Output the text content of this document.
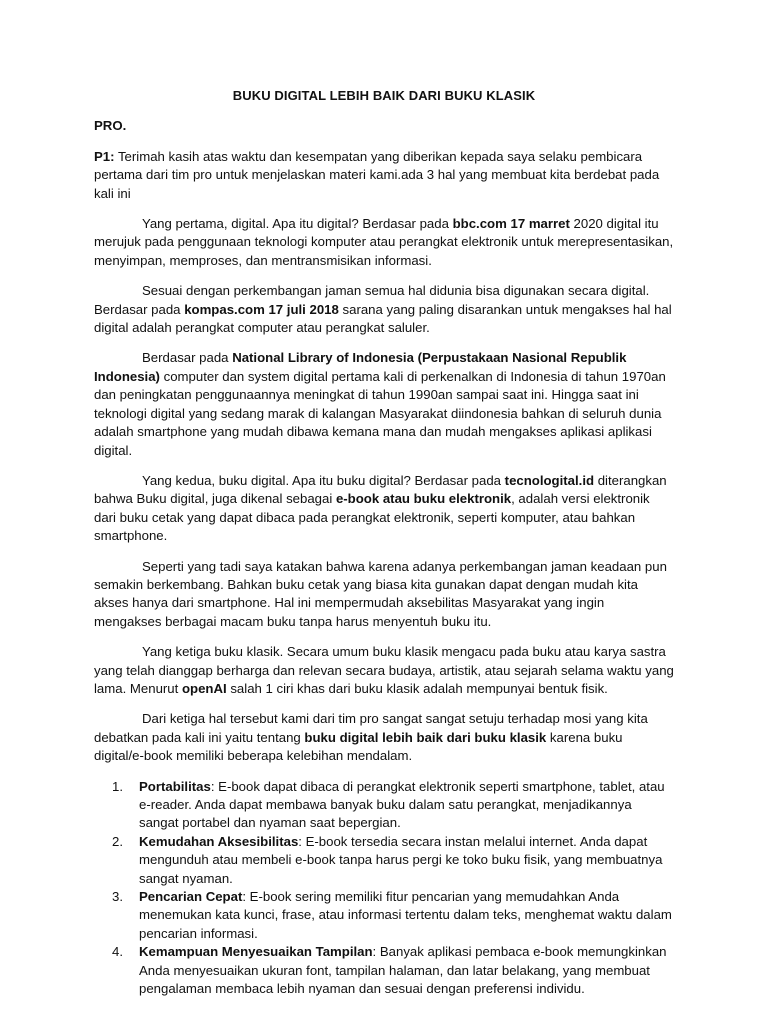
BUKU DIGITAL LEBIH BAIK DARI BUKU KLASIK
PRO.

P1: Terimah kasih atas waktu dan kesempatan yang diberikan kepada saya selaku pembicara pertama dari tim pro untuk menjelaskan materi kami.ada 3 hal yang membuat kita berdebat pada kali ini

Yang pertama, digital. Apa itu digital? Berdasar pada bbc.com 17 marret 2020 digital itu merujuk pada penggunaan teknologi komputer atau perangkat elektronik untuk merepresentasikan, menyimpan, memproses, dan mentransmisikan informasi.

Sesuai dengan perkembangan jaman semua hal didunia bisa digunakan secara digital. Berdasar pada kompas.com 17 juli 2018 sarana yang paling disarankan untuk mengakses hal hal digital adalah perangkat computer atau perangkat saluler.

Berdasar pada National Library of Indonesia (Perpustakaan Nasional Republik Indonesia) computer dan system digital pertama kali di perkenalkan di Indonesia di tahun 1970an dan peningkatan penggunaannya meningkat di tahun 1990an sampai saat ini. Hingga saat ini teknologi digital yang sedang marak di kalangan Masyarakat diindonesia bahkan di seluruh dunia adalah smartphone yang mudah dibawa kemana mana dan mudah mengakses aplikasi aplikasi digital.

Yang kedua, buku digital. Apa itu buku digital? Berdasar pada tecnologital.id diterangkan bahwa Buku digital, juga dikenal sebagai e-book atau buku elektronik, adalah versi elektronik dari buku cetak yang dapat dibaca pada perangkat elektronik, seperti komputer, atau bahkan smartphone.

Seperti yang tadi saya katakan bahwa karena adanya perkembangan jaman keadaan pun semakin berkembang. Bahkan buku cetak yang biasa kita gunakan dapat dengan mudah kita akses hanya dari smartphone. Hal ini mempermudah aksebilitas Masyarakat yang ingin mengakses berbagai macam buku tanpa harus menyentuh buku itu.

Yang ketiga buku klasik. Secara umum buku klasik mengacu pada buku atau karya sastra yang telah dianggap berharga dan relevan secara budaya, artistik, atau sejarah selama waktu yang lama. Menurut openAI salah 1 ciri khas dari buku klasik adalah mempunyai bentuk fisik.

Dari ketiga hal tersebut kami dari tim pro sangat sangat setuju terhadap mosi yang kita debatkan pada kali ini yaitu tentang buku digital lebih baik dari buku klasik karena buku digital/e-book memiliki beberapa kelebihan mendalam.

1. Portabilitas: E-book dapat dibaca di perangkat elektronik seperti smartphone, tablet, atau e-reader. Anda dapat membawa banyak buku dalam satu perangkat, menjadikannya sangat portabel dan nyaman saat bepergian.
2. Kemudahan Aksesibilitas: E-book tersedia secara instan melalui internet. Anda dapat mengunduh atau membeli e-book tanpa harus pergi ke toko buku fisik, yang membuatnya sangat nyaman.
3. Pencarian Cepat: E-book sering memiliki fitur pencarian yang memudahkan Anda menemukan kata kunci, frase, atau informasi tertentu dalam teks, menghemat waktu dalam pencarian informasi.
4. Kemampuan Menyesuaikan Tampilan: Banyak aplikasi pembaca e-book memungkinkan Anda menyesuaikan ukuran font, tampilan halaman, dan latar belakang, yang membuat pengalaman membaca lebih nyaman dan sesuai dengan preferensi individu.
